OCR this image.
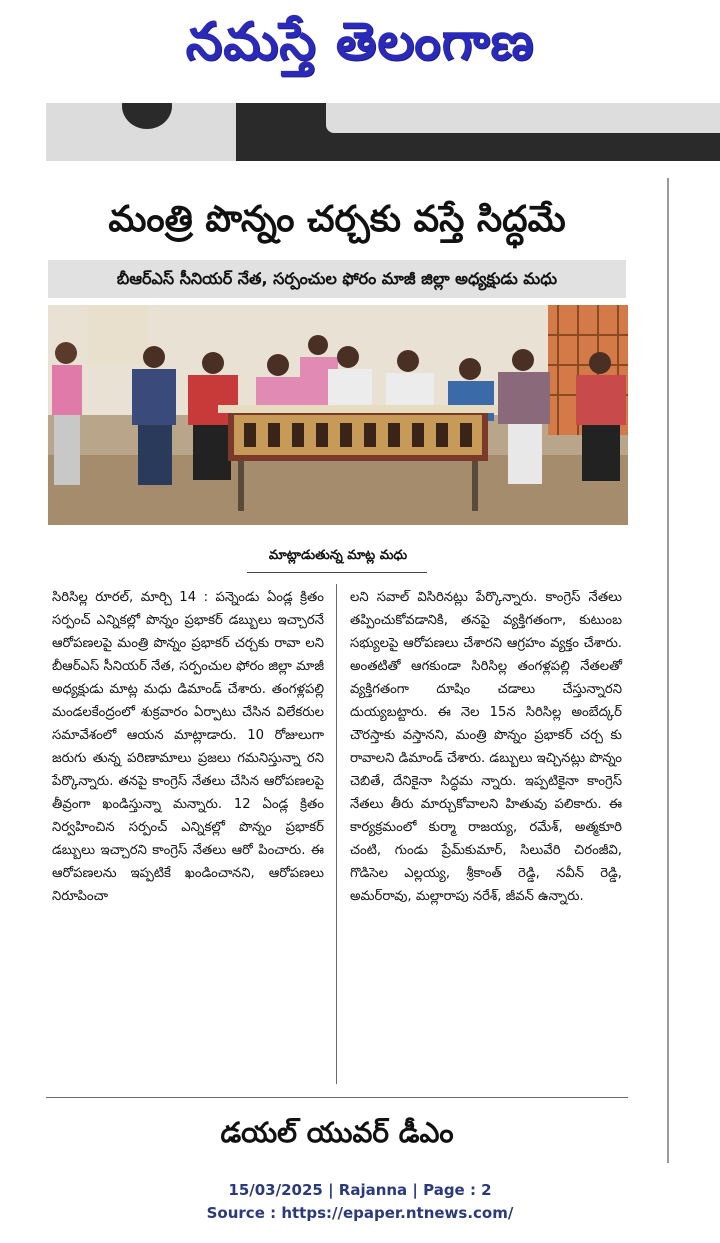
నమస్తే తెలంగాణ
మంత్రి పొన్నం చర్చకు వస్తే సిద్ధమే
బీఆర్ఎస్ సీనియర్ నేత, సర్పంచుల ఫోరం మాజీ జిల్లా అధ్యక్షుడు మధు
మాట్లాడుతున్న మాట్ల మధు

సిరిసిల్ల రూరల్, మార్చి 14 : పన్నెండు ఏండ్ల క్రితం సర్పంచ్ ఎన్నికల్లో పొన్నం ప్రభాకర్ డబ్బులు ఇచ్చారనే ఆరోపణలపై మంత్రి పొన్నం ప్రభాకర్ చర్చకు రావా లని బీఆర్ఎస్ సీనియర్ నేత, సర్పంచుల ఫోరం జిల్లా మాజీ అధ్యక్షుడు మాట్ల మధు డిమాండ్ చేశారు. తంగళ్లపల్లి మండలకేంద్రంలో శుక్రవారం ఏర్పాటు చేసిన విలేకరుల సమావేశంలో ఆయన మాట్లాడారు. 10 రోజులుగా జరుగు తున్న పరిణామాలు ప్రజలు గమనిస్తున్నా రని పేర్కొన్నారు. తనపై కాంగ్రెస్ నేతలు చేసిన ఆరోపణలపై తీవ్రంగా ఖండిస్తున్నా మన్నారు. 12 ఏండ్ల క్రితం నిర్వహించిన సర్పంచ్ ఎన్నికల్లో పొన్నం ప్రభాకర్ డబ్బులు ఇచ్చారని కాంగ్రెస్ నేతలు ఆరో పించారు. ఈ ఆరోపణలను ఇప్పటికే ఖండించానని, ఆరోపణలు నిరూపించా

లని సవాల్ విసిరినట్లు పేర్కొన్నారు. కాంగ్రెస్ నేతలు తప్పించుకోవడానికి, తనపై వ్యక్తిగతంగా, కుటుంబ సభ్యులపై ఆరోపణలు చేశారని ఆగ్రహం వ్యక్తం చేశారు. అంతటితో ఆగకుండా సిరిసిల్ల తంగళ్లపల్లి నేతలతో వ్యక్తిగతంగా దూషిం చడాలు చేస్తున్నారని దుయ్యబట్టారు. ఈ నెల 15న సిరిసిల్ల అంబేద్కర్ చౌరస్తాకు వస్తానని, మంత్రి పొన్నం ప్రభాకర్ చర్చ కు రావాలని డిమాండ్ చేశారు. డబ్బులు ఇచ్చినట్లు పొన్నం చెబితే, దేనికైనా సిద్ధమ న్నారు. ఇప్పటికైనా కాంగ్రెస్ నేతలు తీరు మార్చుకోవాలని హితువు పలికారు. ఈ కార్యక్రమంలో కుర్మా రాజయ్య, రమేశ్, అత్మకూరి చంటి, గుండు ప్రేమ్‌కుమార్, సిలువేరి చిరంజీవి, గొడిసెల ఎల్లయ్య, శ్రీకాంత్ రెడ్డి, నవీన్ రెడ్డి, అమర్‌రావు, మల్లారాపు నరేశ్, జీవన్ ఉన్నారు.

డయల్ యువర్ డీఎం
15/03/2025 | Rajanna | Page : 2
Source : https://epaper.ntnews.com/
